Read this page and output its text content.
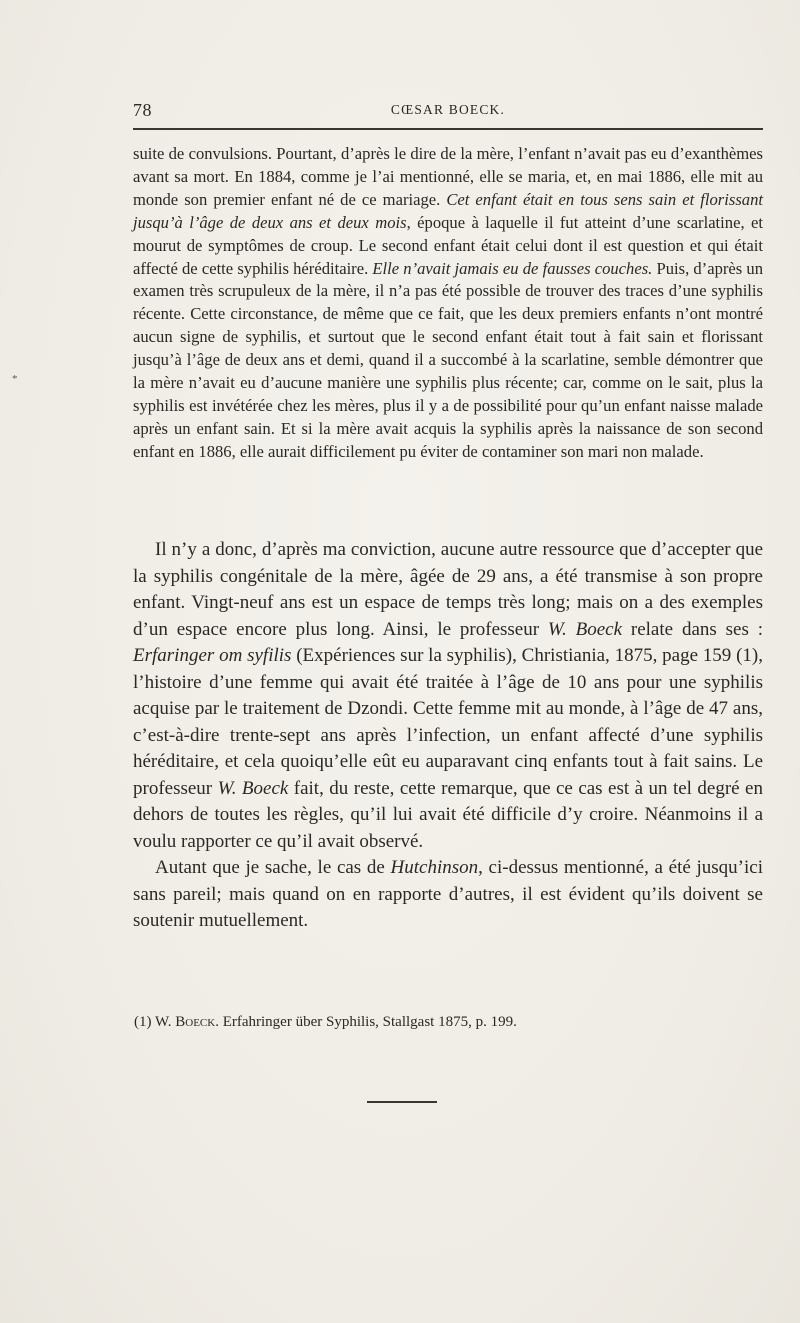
78	CŒSAR BOECK.
*

suite de convulsions. Pourtant, d’après le dire de la mère, l’enfant n’avait pas eu d’exanthèmes avant sa mort. En 1884, comme je l’ai mentionné, elle se maria, et, en mai 1886, elle mit au monde son premier enfant né de ce mariage. Cet enfant était en tous sens sain et florissant jusqu’à l’âge de deux ans et deux mois, époque à laquelle il fut atteint d’une scarlatine, et mourut de symptômes de croup. Le second enfant était celui dont il est question et qui était affecté de cette syphilis héréditaire. Elle n’avait jamais eu de fausses couches. Puis, d’après un examen très scrupuleux de la mère, il n’a pas été possible de trouver des traces d’une syphilis récente. Cette circonstance, de même que ce fait, que les deux premiers enfants n’ont montré aucun signe de syphilis, et surtout que le second enfant était tout à fait sain et florissant jusqu’à l’âge de deux ans et demi, quand il a succombé à la scarlatine, semble démontrer que la mère n’avait eu d’aucune manière une syphilis plus récente; car, comme on le sait, plus la syphilis est invétérée chez les mères, plus il y a de possibilité pour qu’un enfant naisse malade après un enfant sain. Et si la mère avait acquis la syphilis après la naissance de son second enfant en 1886, elle aurait difficilement pu éviter de contaminer son mari non malade.

Il n’y a donc, d’après ma conviction, aucune autre ressource que d’accepter que la syphilis congénitale de la mère, âgée de 29 ans, a été transmise à son propre enfant. Vingt-neuf ans est un espace de temps très long; mais on a des exemples d’un espace encore plus long. Ainsi, le professeur W. Boeck relate dans ses : Erfaringer om syfilis (Expériences sur la syphilis), Christiania, 1875, page 159 (1), l’histoire d’une femme qui avait été traitée à l’âge de 10 ans pour une syphilis acquise par le traitement de Dzondi. Cette femme mit au monde, à l’âge de 47 ans, c’est-à-dire trente-sept ans après l’infection, un enfant affecté d’une syphilis héréditaire, et cela quoiqu’elle eût eu auparavant cinq enfants tout à fait sains. Le professeur W. Boeck fait, du reste, cette remarque, que ce cas est à un tel degré en dehors de toutes les règles, qu’il lui avait été difficile d’y croire. Néanmoins il a voulu rapporter ce qu’il avait observé.

Autant que je sache, le cas de Hutchinson, ci-dessus mentionné, a été jusqu’ici sans pareil; mais quand on en rapporte d’autres, il est évident qu’ils doivent se soutenir mutuellement.

(1) W. Boeck. Erfahringer über Syphilis, Stallgast 1875, p. 199.
